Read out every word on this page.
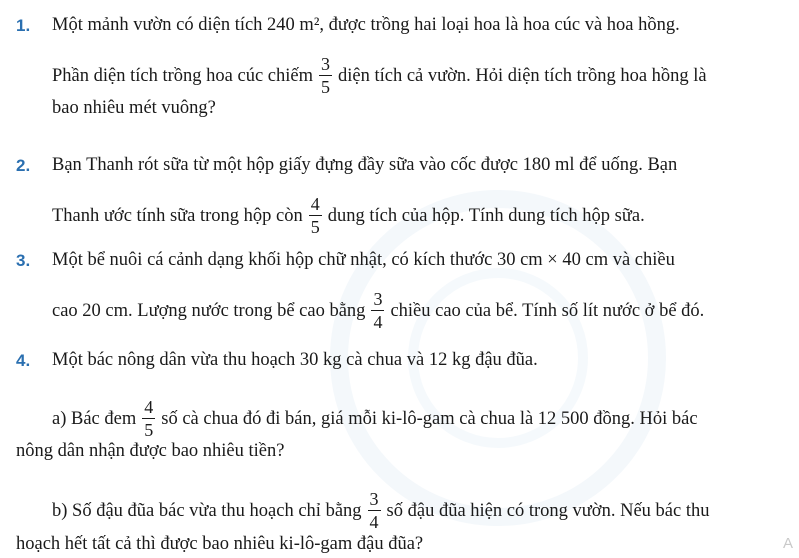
1. Một mảnh vườn có diện tích 240 m², được trồng hai loại hoa là hoa cúc và hoa hồng.
Phần diện tích trồng hoa cúc chiếm $\frac{3}{5}$ diện tích cả vườn. Hỏi diện tích trồng hoa hồng là
bao nhiêu mét vuông?
2. Bạn Thanh rót sữa từ một hộp giấy đựng đầy sữa vào cốc được 180 ml để uống. Bạn
Thanh ước tính sữa trong hộp còn $\frac{4}{5}$ dung tích của hộp. Tính dung tích hộp sữa.
3. Một bể nuôi cá cảnh dạng khối hộp chữ nhật, có kích thước 30 cm × 40 cm và chiều
cao 20 cm. Lượng nước trong bể cao bằng $\frac{3}{4}$ chiều cao của bể. Tính số lít nước ở bể đó.
4. Một bác nông dân vừa thu hoạch 30 kg cà chua và 12 kg đậu đũa.
a) Bác đem $\frac{4}{5}$ số cà chua đó đi bán, giá mỗi ki-lô-gam cà chua là 12 500 đồng. Hỏi bác
nông dân nhận được bao nhiêu tiền?
b) Số đậu đũa bác vừa thu hoạch chỉ bằng $\frac{3}{4}$ số đậu đũa hiện có trong vườn. Nếu bác thu
hoạch hết tất cả thì được bao nhiêu ki-lô-gam đậu đũa?	A
